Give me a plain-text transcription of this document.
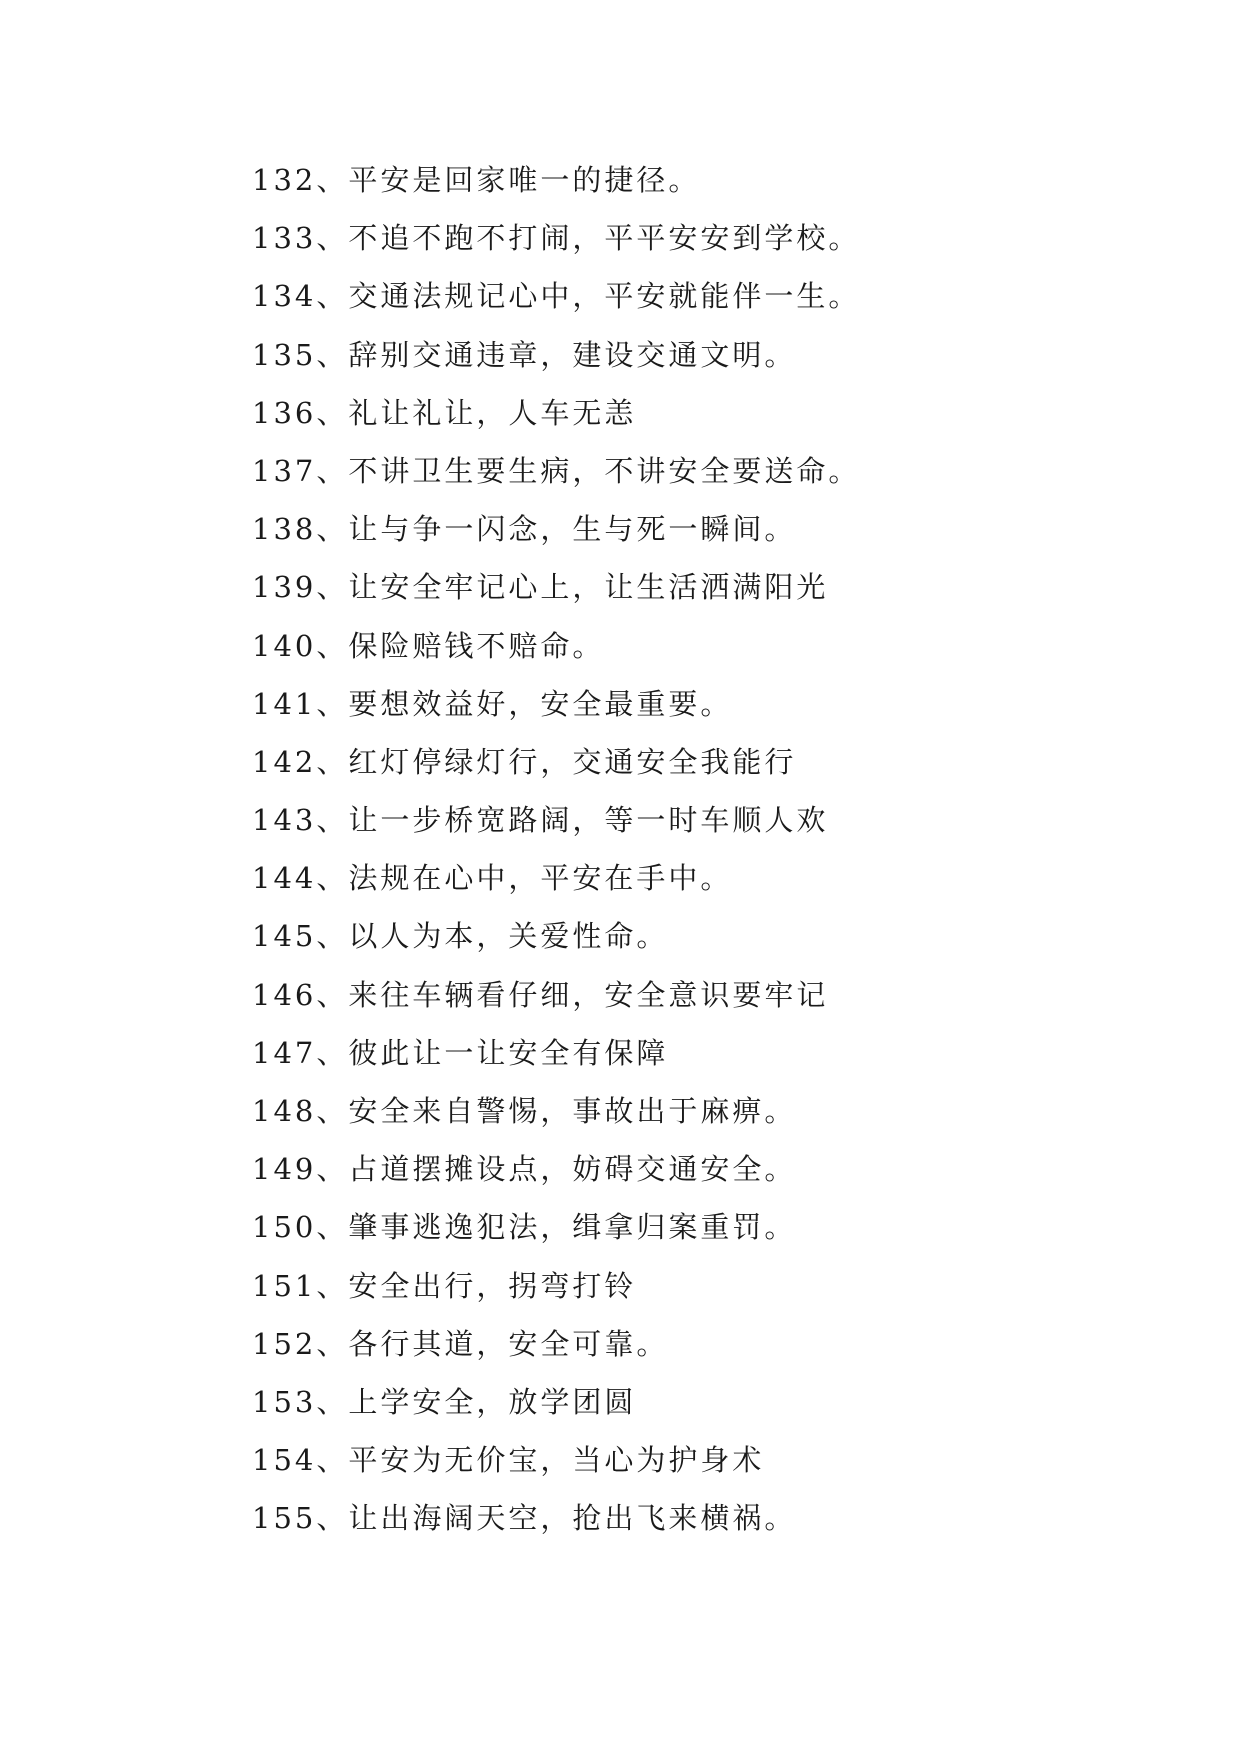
132、平安是回家唯一的捷径。
133、不追不跑不打闹，平平安安到学校。
134、交通法规记心中，平安就能伴一生。
135、辞别交通违章，建设交通文明。
136、礼让礼让，人车无恙
137、不讲卫生要生病，不讲安全要送命。
138、让与争一闪念，生与死一瞬间。
139、让安全牢记心上，让生活洒满阳光
140、保险赔钱不赔命。
141、要想效益好，安全最重要。
142、红灯停绿灯行，交通安全我能行
143、让一步桥宽路阔，等一时车顺人欢
144、法规在心中，平安在手中。
145、以人为本，关爱性命。
146、来往车辆看仔细，安全意识要牢记
147、彼此让一让安全有保障
148、安全来自警惕，事故出于麻痹。
149、占道摆摊设点，妨碍交通安全。
150、肇事逃逸犯法，缉拿归案重罚。
151、安全出行，拐弯打铃
152、各行其道，安全可靠。
153、上学安全，放学团圆
154、平安为无价宝，当心为护身术
155、让出海阔天空，抢出飞来横祸。
